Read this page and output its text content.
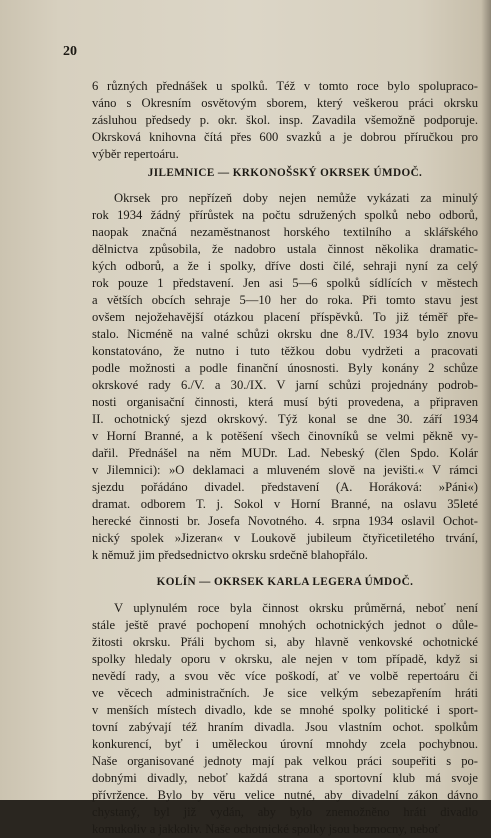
20
6 různých přednášek u spolků. Též v tomto roce bylo spolupraco-
váno s Okresním osvětovým sborem, který veškerou práci okrsku
zásluhou předsedy p. okr. škol. insp. Zavadila všemožně podporuje.
Okrsková knihovna čítá přes 600 svazků a je dobrou příručkou pro
výběr repertoáru.
JILEMNICE — KRKONOŠSKÝ OKRSEK ÚMDOČ.
Okrsek pro nepřízeň doby nejen nemůže vykázati za minulý
rok 1934 žádný přírůstek na počtu sdružených spolků nebo odborů,
naopak značná nezaměstnanost horského textilního a sklářského
dělnictva způsobila, že nadobro ustala činnost několika dramatic-
kých odborů, a že i spolky, dříve dosti čilé, sehraji nyní za celý
rok pouze 1 představení. Jen asi 5—6 spolků sídlících v městech
a větších obcích sehraje 5—10 her do roka. Při tomto stavu jest
ovšem nejožehavější otázkou placení příspěvků. To již téměř pře-
stalo. Nicméně na valné schůzi okrsku dne 8./IV. 1934 bylo znovu
konstatováno, že nutno i tuto těžkou dobu vydržeti a pracovati
podle možnosti a podle finanční únosnosti. Byly konány 2 schůze
okrskové rady 6./V. a 30./IX. V jarní schůzi projednány podrob-
nosti organisační činnosti, která musí býti provedena, a připraven
II. ochotnický sjezd okrskový. Týž konal se dne 30. září 1934
v Horní Branné, a k potěšení všech činovníků se velmi pěkně vy-
dařil. Přednášel na něm MUDr. Lad. Nebeský (člen Spdo. Kolár
v Jilemnici): »O deklamaci a mluveném slově na jevišti.« V rámci
sjezdu pořádáno divadel. představení (A. Horáková: »Páni«)
dramat. odborem T. j. Sokol v Horní Branné, na oslavu 35leté
herecké činnosti br. Josefa Novotného. 4. srpna 1934 oslavil Ochot-
nický spolek »Jizeran« v Loukově jubileum čtyřicetiletého trvání,
k němuž jim předsednictvo okrsku srdečně blahopřálo.
KOLÍN — OKRSEK KARLA LEGERA ÚMDOČ.
V uplynulém roce byla činnost okrsku průměrná, neboť není
stále ještě pravé pochopení mnohých ochotnických jednot o důle-
žitosti okrsku. Přáli bychom si, aby hlavně venkovské ochotnické
spolky hledaly oporu v okrsku, ale nejen v tom případě, když si
nevědí rady, a svou věc více poškodí, ať ve volbě repertoáru či
ve věcech administračních. Je sice velkým sebezapřením hráti
v menších místech divadlo, kde se mnohé spolky politické i sport-
tovní zabývají též hraním divadla. Jsou vlastním ochot. spolkům
konkurencí, byť i uměleckou úrovní mnohdy zcela pochybnou.
Naše organisované jednoty mají pak velkou práci soupeřiti s po-
dobnými divadly, neboť každá strana a sportovní klub má svoje
přívržence. Bylo by věru velice nutné, aby divadelní zákon dávno
chystaný, byl již vydán, aby bylo znemožněno hráti divadlo
komukoliv a jakkoliv. Naše ochotnické spolky jsou bezmocny, neboť
